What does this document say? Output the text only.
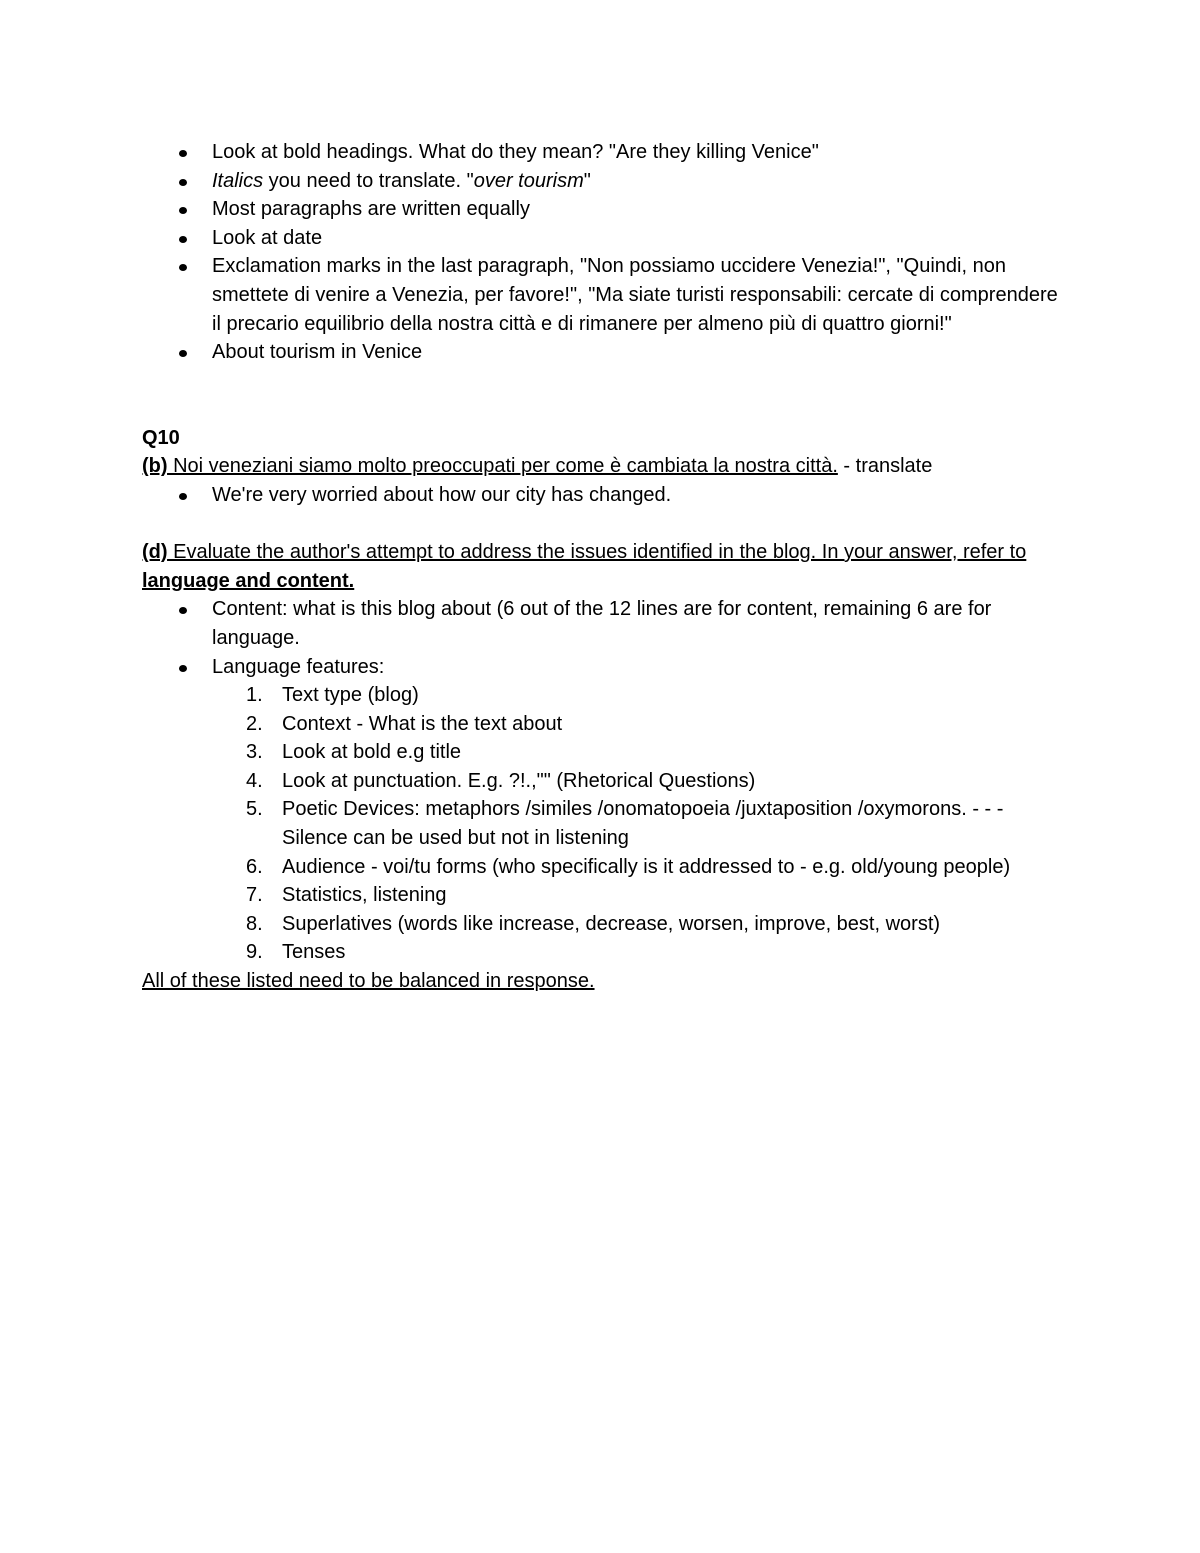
Look at bold headings. What do they mean? "Are they killing Venice"
Italics you need to translate. "over tourism"
Most paragraphs are written equally
Look at date
Exclamation marks in the last paragraph, "Non possiamo uccidere Venezia!", "Quindi, non smettete di venire a Venezia, per favore!", "Ma siate turisti responsabili: cercate di comprendere il precario equilibrio della nostra città e di rimanere per almeno più di quattro giorni!"
About tourism in Venice

Q10

(b) Noi veneziani siamo molto preoccupati per come è cambiata la nostra città. - translate

We're very worried about how our city has changed.

(d) Evaluate the author's attempt to address the issues identified in the blog. In your answer, refer to language and content.

Content: what is this blog about (6 out of the 12 lines are for content, remaining 6 are for language.
Language features:
1. Text type (blog)
2. Context - What is the text about
3. Look at bold e.g title
4. Look at punctuation. E.g. ?!.,"" (Rhetorical Questions)
5. Poetic Devices: metaphors /similes /onomatopoeia /juxtaposition /oxymorons. - - - Silence can be used but not in listening
6. Audience - voi/tu forms (who specifically is it addressed to - e.g. old/young people)
7. Statistics, listening
8. Superlatives (words like increase, decrease, worsen, improve, best, worst)
9. Tenses

All of these listed need to be balanced in response.
